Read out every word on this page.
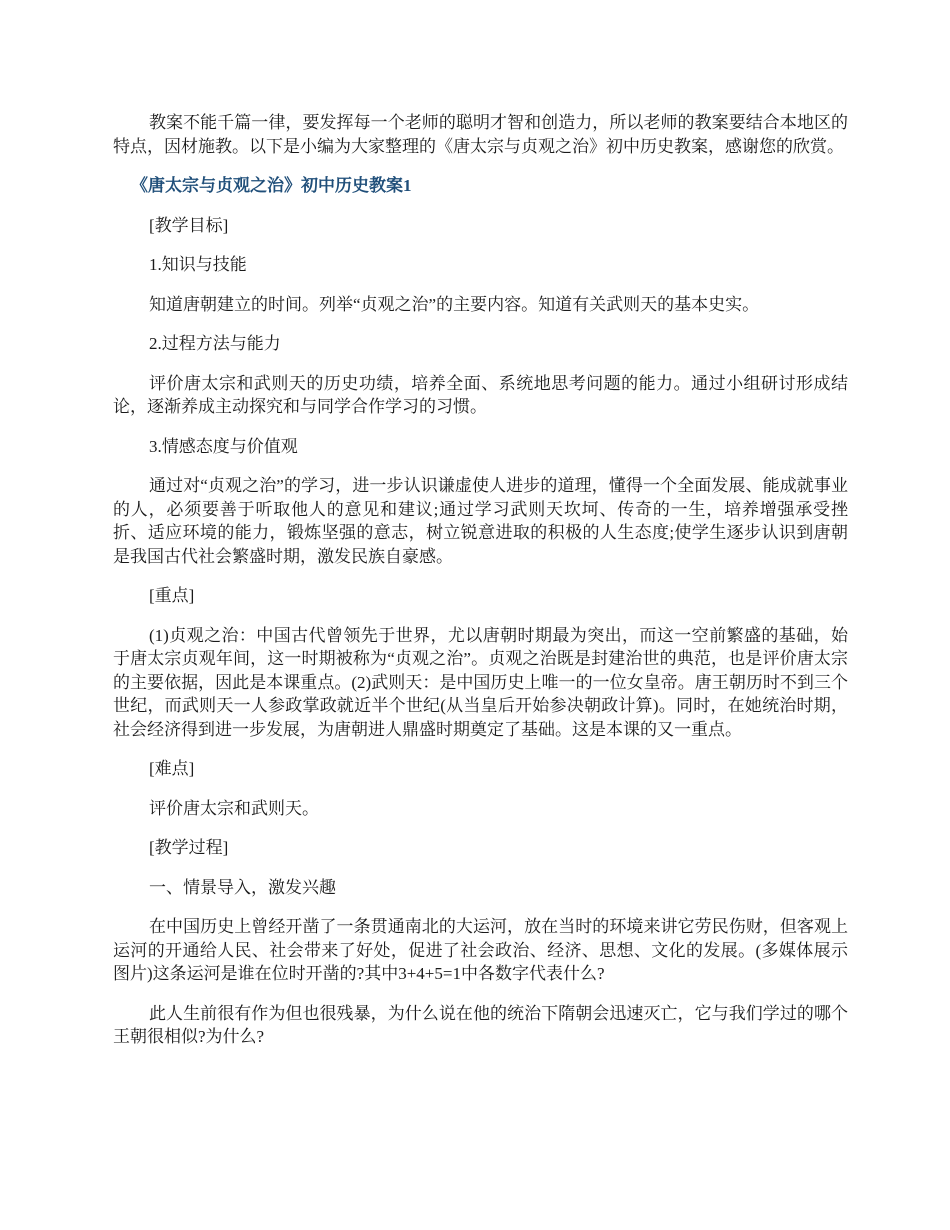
教案不能千篇一律，要发挥每一个老师的聪明才智和创造力，所以老师的教案要结合本地区的特点，因材施教。以下是小编为大家整理的《唐太宗与贞观之治》初中历史教案，感谢您的欣赏。

《唐太宗与贞观之治》初中历史教案1

[教学目标]

1.知识与技能

知道唐朝建立的时间。列举“贞观之治”的主要内容。知道有关武则天的基本史实。

2.过程方法与能力

评价唐太宗和武则天的历史功绩，培养全面、系统地思考问题的能力。通过小组研讨形成结论，逐渐养成主动探究和与同学合作学习的习惯。

3.情感态度与价值观

通过对“贞观之治”的学习，进一步认识谦虚使人进步的道理，懂得一个全面发展、能成就事业的人，必须要善于听取他人的意见和建议;通过学习武则天坎坷、传奇的一生，培养增强承受挫折、适应环境的能力，锻炼坚强的意志，树立锐意进取的积极的人生态度;使学生逐步认识到唐朝是我国古代社会繁盛时期，激发民族自豪感。

[重点]

(1)贞观之治：中国古代曾领先于世界，尤以唐朝时期最为突出，而这一空前繁盛的基础，始于唐太宗贞观年间，这一时期被称为“贞观之治”。贞观之治既是封建治世的典范，也是评价唐太宗的主要依据，因此是本课重点。(2)武则天：是中国历史上唯一的一位女皇帝。唐王朝历时不到三个世纪，而武则天一人参政掌政就近半个世纪(从当皇后开始参决朝政计算)。同时，在她统治时期，社会经济得到进一步发展，为唐朝进人鼎盛时期奠定了基础。这是本课的又一重点。

[难点]

评价唐太宗和武则天。

[教学过程]

一、情景导入，激发兴趣

在中国历史上曾经开凿了一条贯通南北的大运河，放在当时的环境来讲它劳民伤财，但客观上运河的开通给人民、社会带来了好处，促进了社会政治、经济、思想、文化的发展。(多媒体展示图片)这条运河是谁在位时开凿的?其中3+4+5=1中各数字代表什么?

此人生前很有作为但也很残暴，为什么说在他的统治下隋朝会迅速灭亡，它与我们学过的哪个王朝很相似?为什么?
